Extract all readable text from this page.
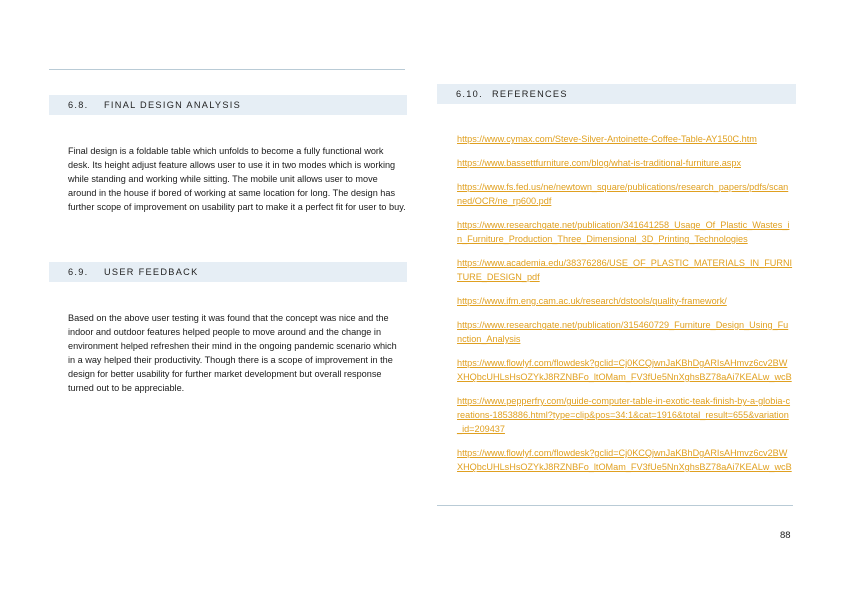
6.8. FINAL DESIGN ANALYSIS

Final design is a foldable table which unfolds to become a fully functional work desk. Its height adjust feature allows user to use it in two modes which is working while standing and working while sitting. The mobile unit allows user to move around in the house if bored of working at same location for long. The design has further scope of improvement on usability part to make it a perfect fit for user to buy.

6.9. USER FEEDBACK

Based on the above user testing it was found that the concept was nice and the indoor and outdoor features helped people to move around and the change in environment helped refreshen their mind in the ongoing pandemic scenario which in a way helped their productivity. Though there is a scope of improvement in the design for better usability for further market development but overall response turned out to be appreciable.

6.10. REFERENCES
https://www.cymax.com/Steve-Silver-Antoinette-Coffee-Table-AY150C.htm
https://www.bassettfurniture.com/blog/what-is-traditional-furniture.aspx
https://www.fs.fed.us/ne/newtown_square/publications/research_papers/pdfs/scanned/OCR/ne_rp600.pdf
https://www.researchgate.net/publication/341641258_Usage_Of_Plastic_Wastes_in_Furniture_Production_Three_Dimensional_3D_Printing_Technologies
https://www.academia.edu/38376286/USE_OF_PLASTIC_MATERIALS_IN_FURNITURE_DESIGN_pdf
https://www.ifm.eng.cam.ac.uk/research/dstools/quality-framework/
https://www.researchgate.net/publication/315460729_Furniture_Design_Using_Function_Analysis
https://www.flowlyf.com/flowdesk?gclid=Cj0KCQjwnJaKBhDgARIsAHmvz6cv2BWXHQbcUHLsHsOZYkJ8RZNBFo_ltOMam_FV3fUe5NnXghsBZ78aAi7KEALw_wcB
https://www.pepperfry.com/guide-computer-table-in-exotic-teak-finish-by-a-globia-creations-1853886.html?type=clip&pos=34:1&cat=1916&total_result=655&variation_id=209437
https://www.flowlyf.com/flowdesk?gclid=Cj0KCQjwnJaKBhDgARIsAHmvz6cv2BWXHQbcUHLsHsOZYkJ8RZNBFo_ltOMam_FV3fUe5NnXghsBZ78aAi7KEALw_wcB
88
